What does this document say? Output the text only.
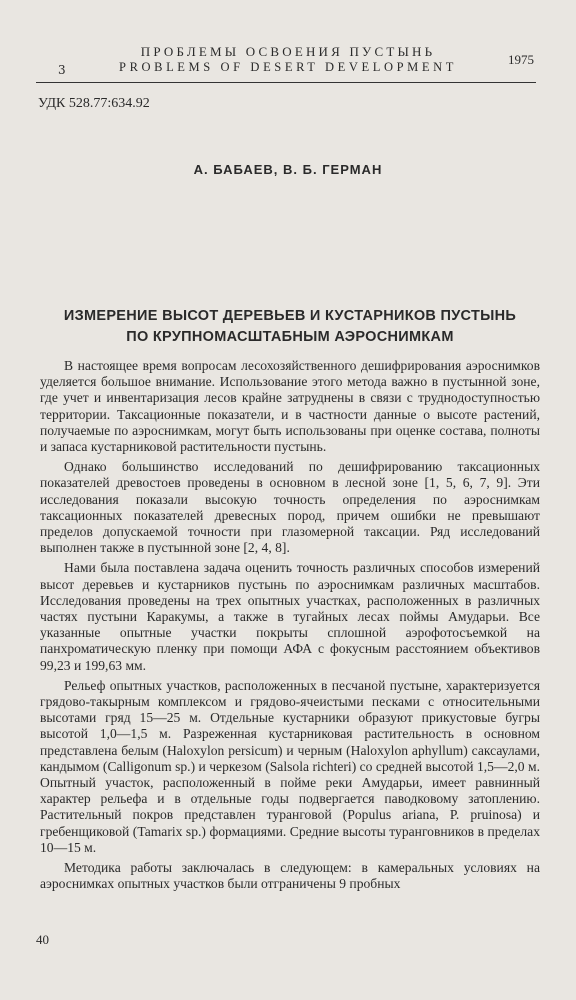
ПРОБЛЕМЫ ОСВОЕНИЯ ПУСТЫНЬ
3	PROBLEMS OF DESERT DEVELOPMENT	1975
УДК 528.77:634.92
А. БАБАЕВ, В. Б. ГЕРМАН
ИЗМЕРЕНИЕ ВЫСОТ ДЕРЕВЬЕВ И КУСТАРНИКОВ ПУСТЫНЬ
ПО КРУПНОМАСШТАБНЫМ АЭРОСНИМКАМ

В настоящее время вопросам лесохозяйственного дешифрирования аэроснимков уделяется большое внимание. Использование этого метода важно в пустынной зоне, где учет и инвентаризация лесов крайне затруднены в связи с труднодоступностью территории. Таксационные показатели, и в частности данные о высоте растений, получаемые по аэроснимкам, могут быть использованы при оценке состава, полноты и запаса кустарниковой растительности пустынь.

Однако большинство исследований по дешифрированию таксационных показателей древостоев проведены в основном в лесной зоне [1, 5, 6, 7, 9]. Эти исследования показали высокую точность определения по аэроснимкам таксационных показателей древесных пород, причем ошибки не превышают пределов допускаемой точности при глазомерной таксации. Ряд исследований выполнен также в пустынной зоне [2, 4, 8].

Нами была поставлена задача оценить точность различных способов измерений высот деревьев и кустарников пустынь по аэроснимкам различных масштабов. Исследования проведены на трех опытных участках, расположенных в различных частях пустыни Каракумы, а также в тугайных лесах поймы Амударьи. Все указанные опытные участки покрыты сплошной аэрофотосъемкой на панхроматическую пленку при помощи АФА с фокусным расстоянием объективов 99,23 и 199,63 мм.

Рельеф опытных участков, расположенных в песчаной пустыне, характеризуется грядово-такырным комплексом и грядово-ячеистыми песками с относительными высотами гряд 15—25 м. Отдельные кустарники образуют прикустовые бугры высотой 1,0—1,5 м. Разреженная кустарниковая растительность в основном представлена белым (Haloxylon persicum) и черным (Haloxylon aphyllum) саксаулами, кандымом (Calligonum sp.) и черкезом (Salsola richteri) со средней высотой 1,5—2,0 м. Опытный участок, расположенный в пойме реки Амударьи, имеет равнинный характер рельефа и в отдельные годы подвергается паводковому затоплению. Растительный покров представлен туранговой (Populus ariana, P. pruinosa) и гребенщиковой (Tamarix sp.) формациями. Средние высоты туранговников в пределах 10—15 м.

Методика работы заключалась в следующем: в камеральных условиях на аэроснимках опытных участков были отграничены 9 пробных

40
